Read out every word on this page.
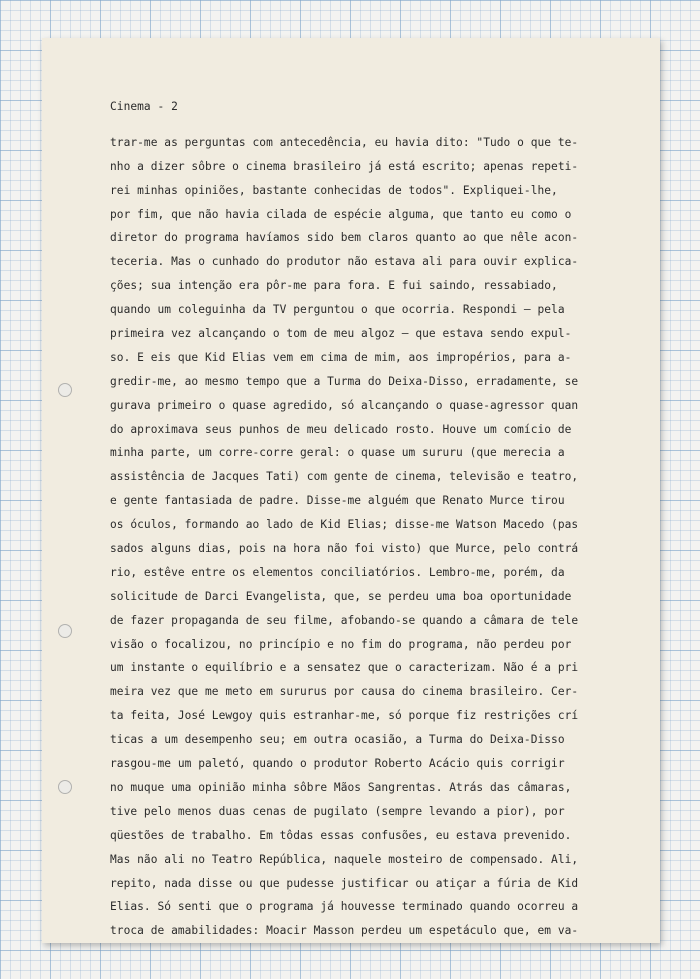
Cinema - 2
trar-me as perguntas com antecedência, eu havia dito: "Tudo o que te-
nho a dizer sôbre o cinema brasileiro já está escrito; apenas repeti-
rei minhas opiniões, bastante conhecidas de todos". Expliquei-lhe,
por fim, que não havia cilada de espécie alguma, que tanto eu como o
diretor do programa havíamos sido bem claros quanto ao que nêle acon-
teceria. Mas o cunhado do produtor não estava ali para ouvir explica-
ções; sua intenção era pôr-me para fora. E fui saindo, ressabiado,
quando um coleguinha da TV perguntou o que ocorria. Respondi — pela
primeira vez alcançando o tom de meu algoz — que estava sendo expul-
so. E eis que Kid Elias vem em cima de mim, aos impropérios, para a-
gredir-me, ao mesmo tempo que a Turma do Deixa-Disso, erradamente, se
gurava primeiro o quase agredido, só alcançando o quase-agressor quan
do aproximava seus punhos de meu delicado rosto. Houve um comício de
minha parte, um corre-corre geral: o quase um sururu (que merecia a
assistência de Jacques Tati) com gente de cinema, televisão e teatro,
e gente fantasiada de padre. Disse-me alguém que Renato Murce tirou
os óculos, formando ao lado de Kid Elias; disse-me Watson Macedo (pas
sados alguns dias, pois na hora não foi visto) que Murce, pelo contrá
rio, estêve entre os elementos conciliatórios. Lembro-me, porém, da
solicitude de Darci Evangelista, que, se perdeu uma boa oportunidade
de fazer propaganda de seu filme, afobando-se quando a câmara de tele
visão o focalizou, no princípio e no fim do programa, não perdeu por
um instante o equilíbrio e a sensatez que o caracterizam. Não é a pri
meira vez que me meto em sururus por causa do cinema brasileiro. Cer-
ta feita, José Lewgoy quis estranhar-me, só porque fiz restrições crí
ticas a um desempenho seu; em outra ocasião, a Turma do Deixa-Disso
rasgou-me um paletó, quando o produtor Roberto Acácio quis corrigir
no muque uma opinião minha sôbre Mãos Sangrentas. Atrás das câmaras,
tive pelo menos duas cenas de pugilato (sempre levando a pior), por
qüestões de trabalho. Em tôdas essas confusões, eu estava prevenido.
Mas não ali no Teatro República, naquele mosteiro de compensado. Ali,
repito, nada disse ou que pudesse justificar ou atiçar a fúria de Kid
Elias. Só senti que o programa já houvesse terminado quando ocorreu a
troca de amabilidades: Moacir Masson perdeu um espetáculo que, em va-
